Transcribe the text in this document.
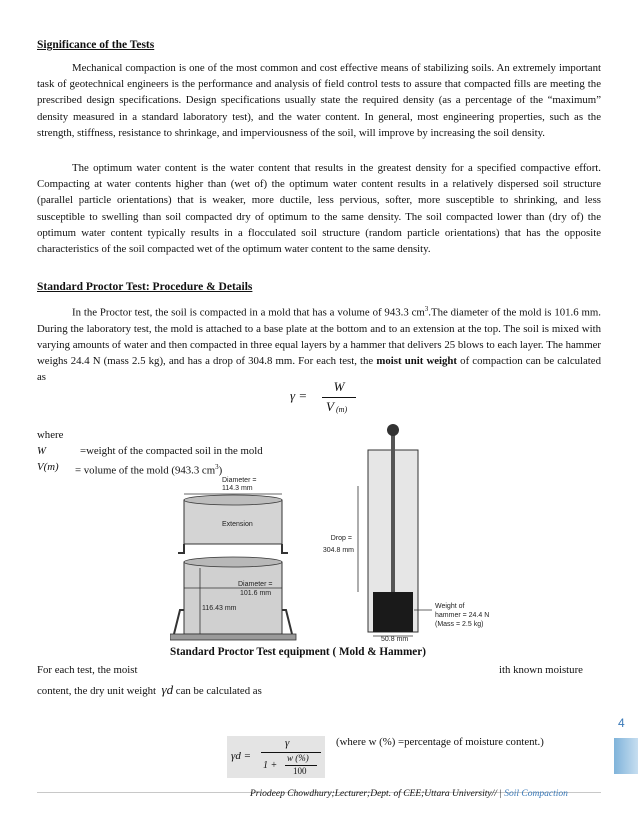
Significance of the Tests
Mechanical compaction is one of the most common and cost effective means of stabilizing soils. An extremely important task of geotechnical engineers is the performance and analysis of field control tests to assure that compacted fills are meeting the prescribed design specifications. Design specifications usually state the required density (as a percentage of the “maximum” density measured in a standard laboratory test), and the water content. In general, most engineering properties, such as the strength, stiffness, resistance to shrinkage, and imperviousness of the soil, will improve by increasing the soil density.
The optimum water content is the water content that results in the greatest density for a specified compactive effort. Compacting at water contents higher than (wet of) the optimum water content results in a relatively dispersed soil structure (parallel particle orientations) that is weaker, more ductile, less pervious, softer, more susceptible to shrinking, and less susceptible to swelling than soil compacted dry of optimum to the same density. The soil compacted lower than (dry of) the optimum water content typically results in a flocculated soil structure (random particle orientations) that has the opposite characteristics of the soil compacted wet of the optimum water content to the same density.
Standard Proctor Test: Procedure & Details
In the Proctor test, the soil is compacted in a mold that has a volume of 943.3 $cm^3.The$ diameter of the mold is 101.6 mm. During the laboratory test, the mold is attached to a base plate at the bottom and to an extension at the top. The soil is mixed with varying amounts of water and then compacted in three equal layers by a hammer that delivers 25 blows to each layer. The hammer weighs 24.4 N (mass 2.5 kg), and has a drop of 304.8 mm. For each test, the moist unit weight of compaction can be calculated as
γ =
W
V (m)
where
W	=weight of the compacted soil in the mold
V(m) = volume of the mold (943.3 $cm^3$)
Diameter =
114.3 mm
Extension
Diameter =
101.6 mm
116.43 mm
Drop =
304.8 mm
Weight of
hammer = 24.4 N
(Mass = 2.5 kg)
50.8 mm
Standard Proctor Test equipment ( Mold & Hammer)
For each test, the moist	ith known moisture
content, the dry unit weight γd can be calculated as
γd =
γ
1 +
w (%)
100
(where w (%) =percentage of moisture content.)
4
Priodeep Chowdhury;Lecturer;Dept. of CEE;Uttara University// | Soil Compaction
